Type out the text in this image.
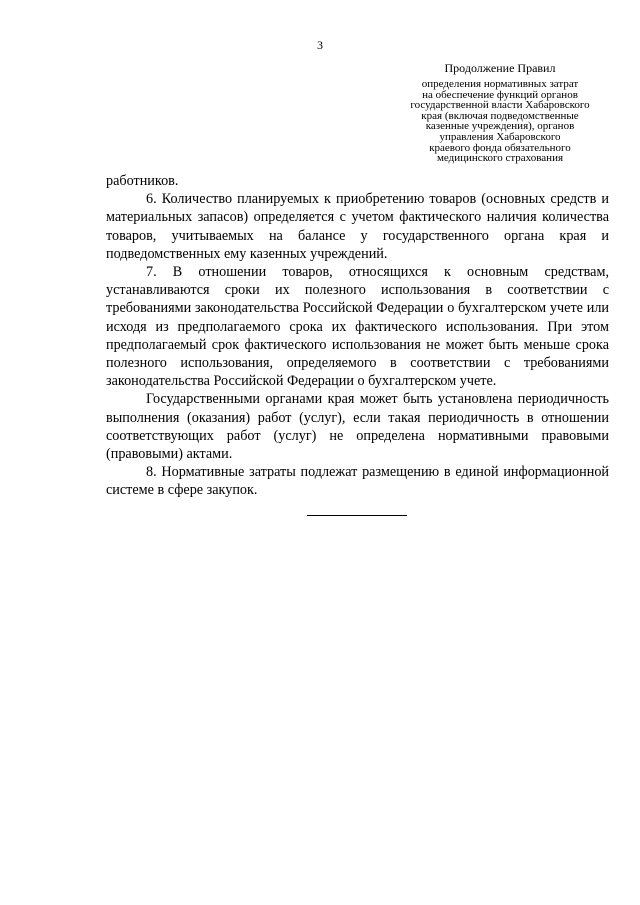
3
Продолжение Правил
определения нормативных затрат
на обеспечение функций органов
государственной власти Хабаровского
края (включая подведомственные
казенные учреждения), органов
управления Хабаровского
краевого фонда обязательного
медицинского страхования

работников.

6. Количество планируемых к приобретению товаров (основных средств и материальных запасов) определяется с учетом фактического наличия количества товаров, учитываемых на балансе у государственного органа края и подведомственных ему казенных учреждений.

7. В отношении товаров, относящихся к основным средствам, устанавливаются сроки их полезного использования в соответствии с требованиями законодательства Российской Федерации о бухгалтерском учете или исходя из предполагаемого срока их фактического использования. При этом предполагаемый срок фактического использования не может быть меньше срока полезного использования, определяемого в соответствии с требованиями законодательства Российской Федерации о бухгалтерском учете.

Государственными органами края может быть установлена периодичность выполнения (оказания) работ (услуг), если такая периодичность в отношении соответствующих работ (услуг) не определена нормативными правовыми (правовыми) актами.

8. Нормативные затраты подлежат размещению в единой информационной системе в сфере закупок.
